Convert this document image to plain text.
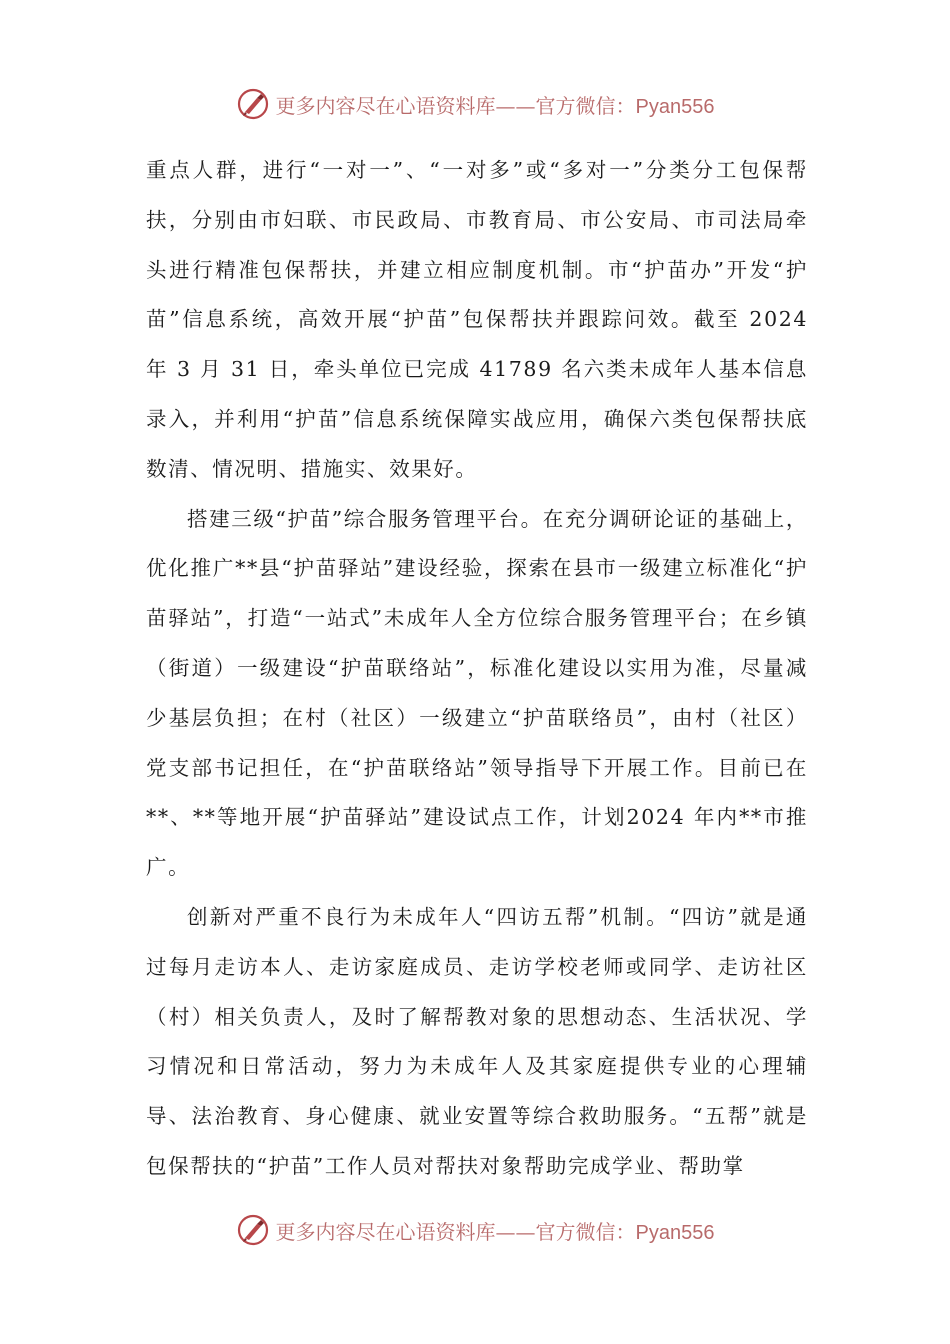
更多内容尽在心语资料库——官方微信：Pyan556

重点人群，进行“一对一”、“一对多”或“多对一”分类分工包保帮扶，分别由市妇联、市民政局、市教育局、市公安局、市司法局牵头进行精准包保帮扶，并建立相应制度机制。市“护苗办”开发“护苗”信息系统，高效开展“护苗”包保帮扶并跟踪问效。截至 2024 年 3 月 31 日，牵头单位已完成 41789 名六类未成年人基本信息录入，并利用“护苗”信息系统保障实战应用，确保六类包保帮扶底数清、情况明、措施实、效果好。

搭建三级“护苗”综合服务管理平台。在充分调研论证的基础上，优化推广**县“护苗驿站”建设经验，探索在县市一级建立标准化“护苗驿站”，打造“一站式”未成年人全方位综合服务管理平台；在乡镇（街道）一级建设“护苗联络站”，标准化建设以实用为准，尽量减少基层负担；在村（社区）一级建立“护苗联络员”，由村（社区）党支部书记担任，在“护苗联络站”领导指导下开展工作。目前已在**、**等地开展“护苗驿站”建设试点工作，计划2024 年内**市推广。

创新对严重不良行为未成年人“四访五帮”机制。“四访”就是通过每月走访本人、走访家庭成员、走访学校老师或同学、走访社区（村）相关负责人，及时了解帮教对象的思想动态、生活状况、学习情况和日常活动，努力为未成年人及其家庭提供专业的心理辅导、法治教育、身心健康、就业安置等综合救助服务。“五帮”就是包保帮扶的“护苗”工作人员对帮扶对象帮助完成学业、帮助掌

更多内容尽在心语资料库——官方微信：Pyan556
